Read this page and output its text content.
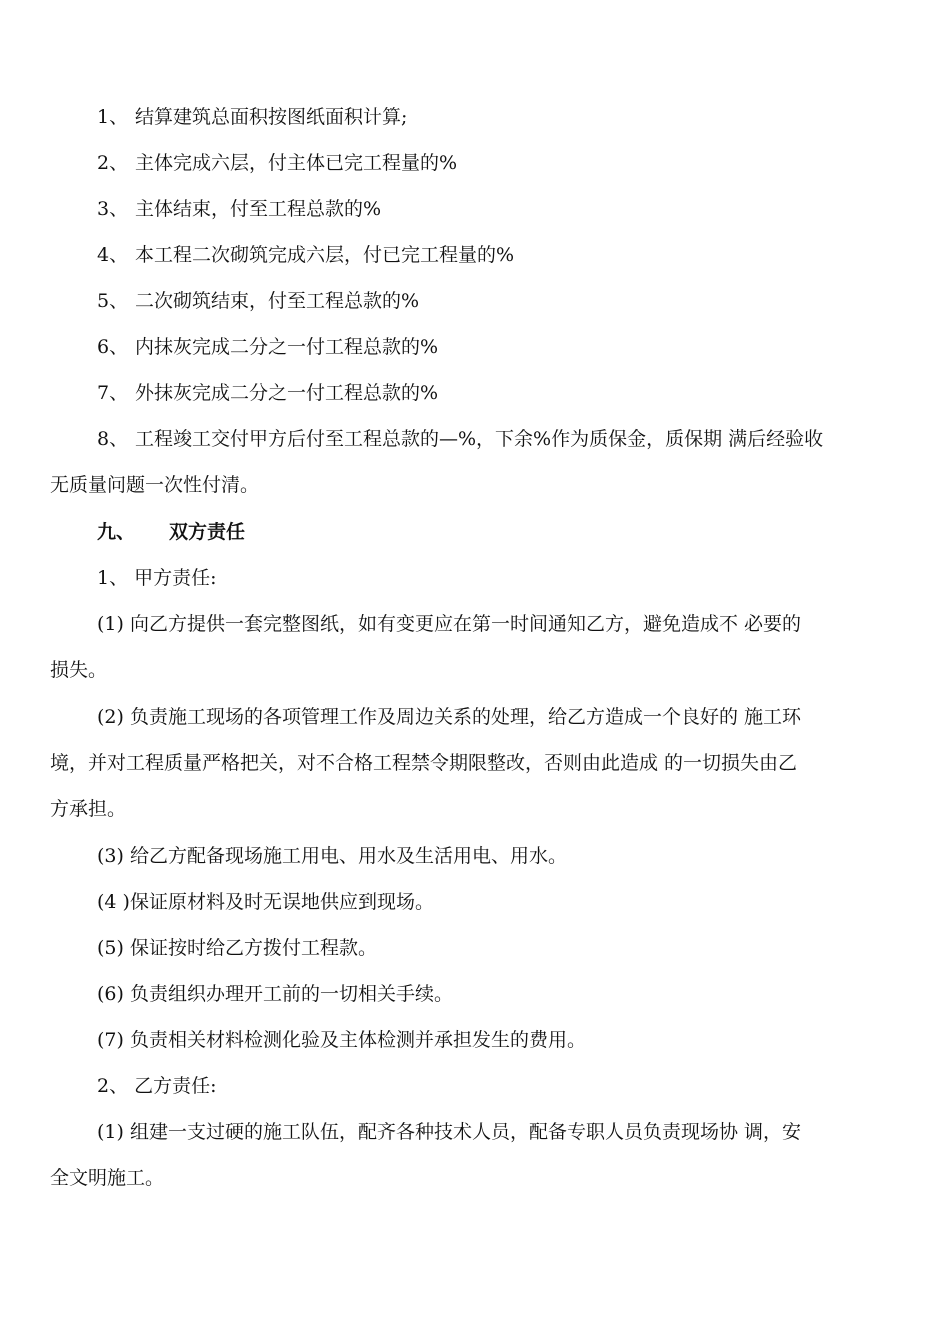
1、 结算建筑总面积按图纸面积计算;
2、 主体完成六层，付主体已完工程量的%
3、 主体结束，付至工程总款的%
4、 本工程二次砌筑完成六层，付已完工程量的%
5、 二次砌筑结束，付至工程总款的%
6、 内抹灰完成二分之一付工程总款的%
7、 外抹灰完成二分之一付工程总款的%
8、 工程竣工交付甲方后付至工程总款的—%，下余%作为质保金，质保期 满后经验收
无质量问题一次性付清。
九、 双方责任
1、 甲方责任:
(1) 向乙方提供一套完整图纸，如有变更应在第一时间通知乙方，避免造成不 必要的
损失。
(2) 负责施工现场的各项管理工作及周边关系的处理，给乙方造成一个良好的 施工环
境，并对工程质量严格把关，对不合格工程禁令期限整改，否则由此造成 的一切损失由乙
方承担。
(3) 给乙方配备现场施工用电、用水及生活用电、用水。
(4 )保证原材料及时无误地供应到现场。
(5) 保证按时给乙方拨付工程款。
(6) 负责组织办理开工前的一切相关手续。
(7) 负责相关材料检测化验及主体检测并承担发生的费用。
2、 乙方责任:
(1) 组建一支过硬的施工队伍，配齐各种技术人员，配备专职人员负责现场协 调，安
全文明施工。
